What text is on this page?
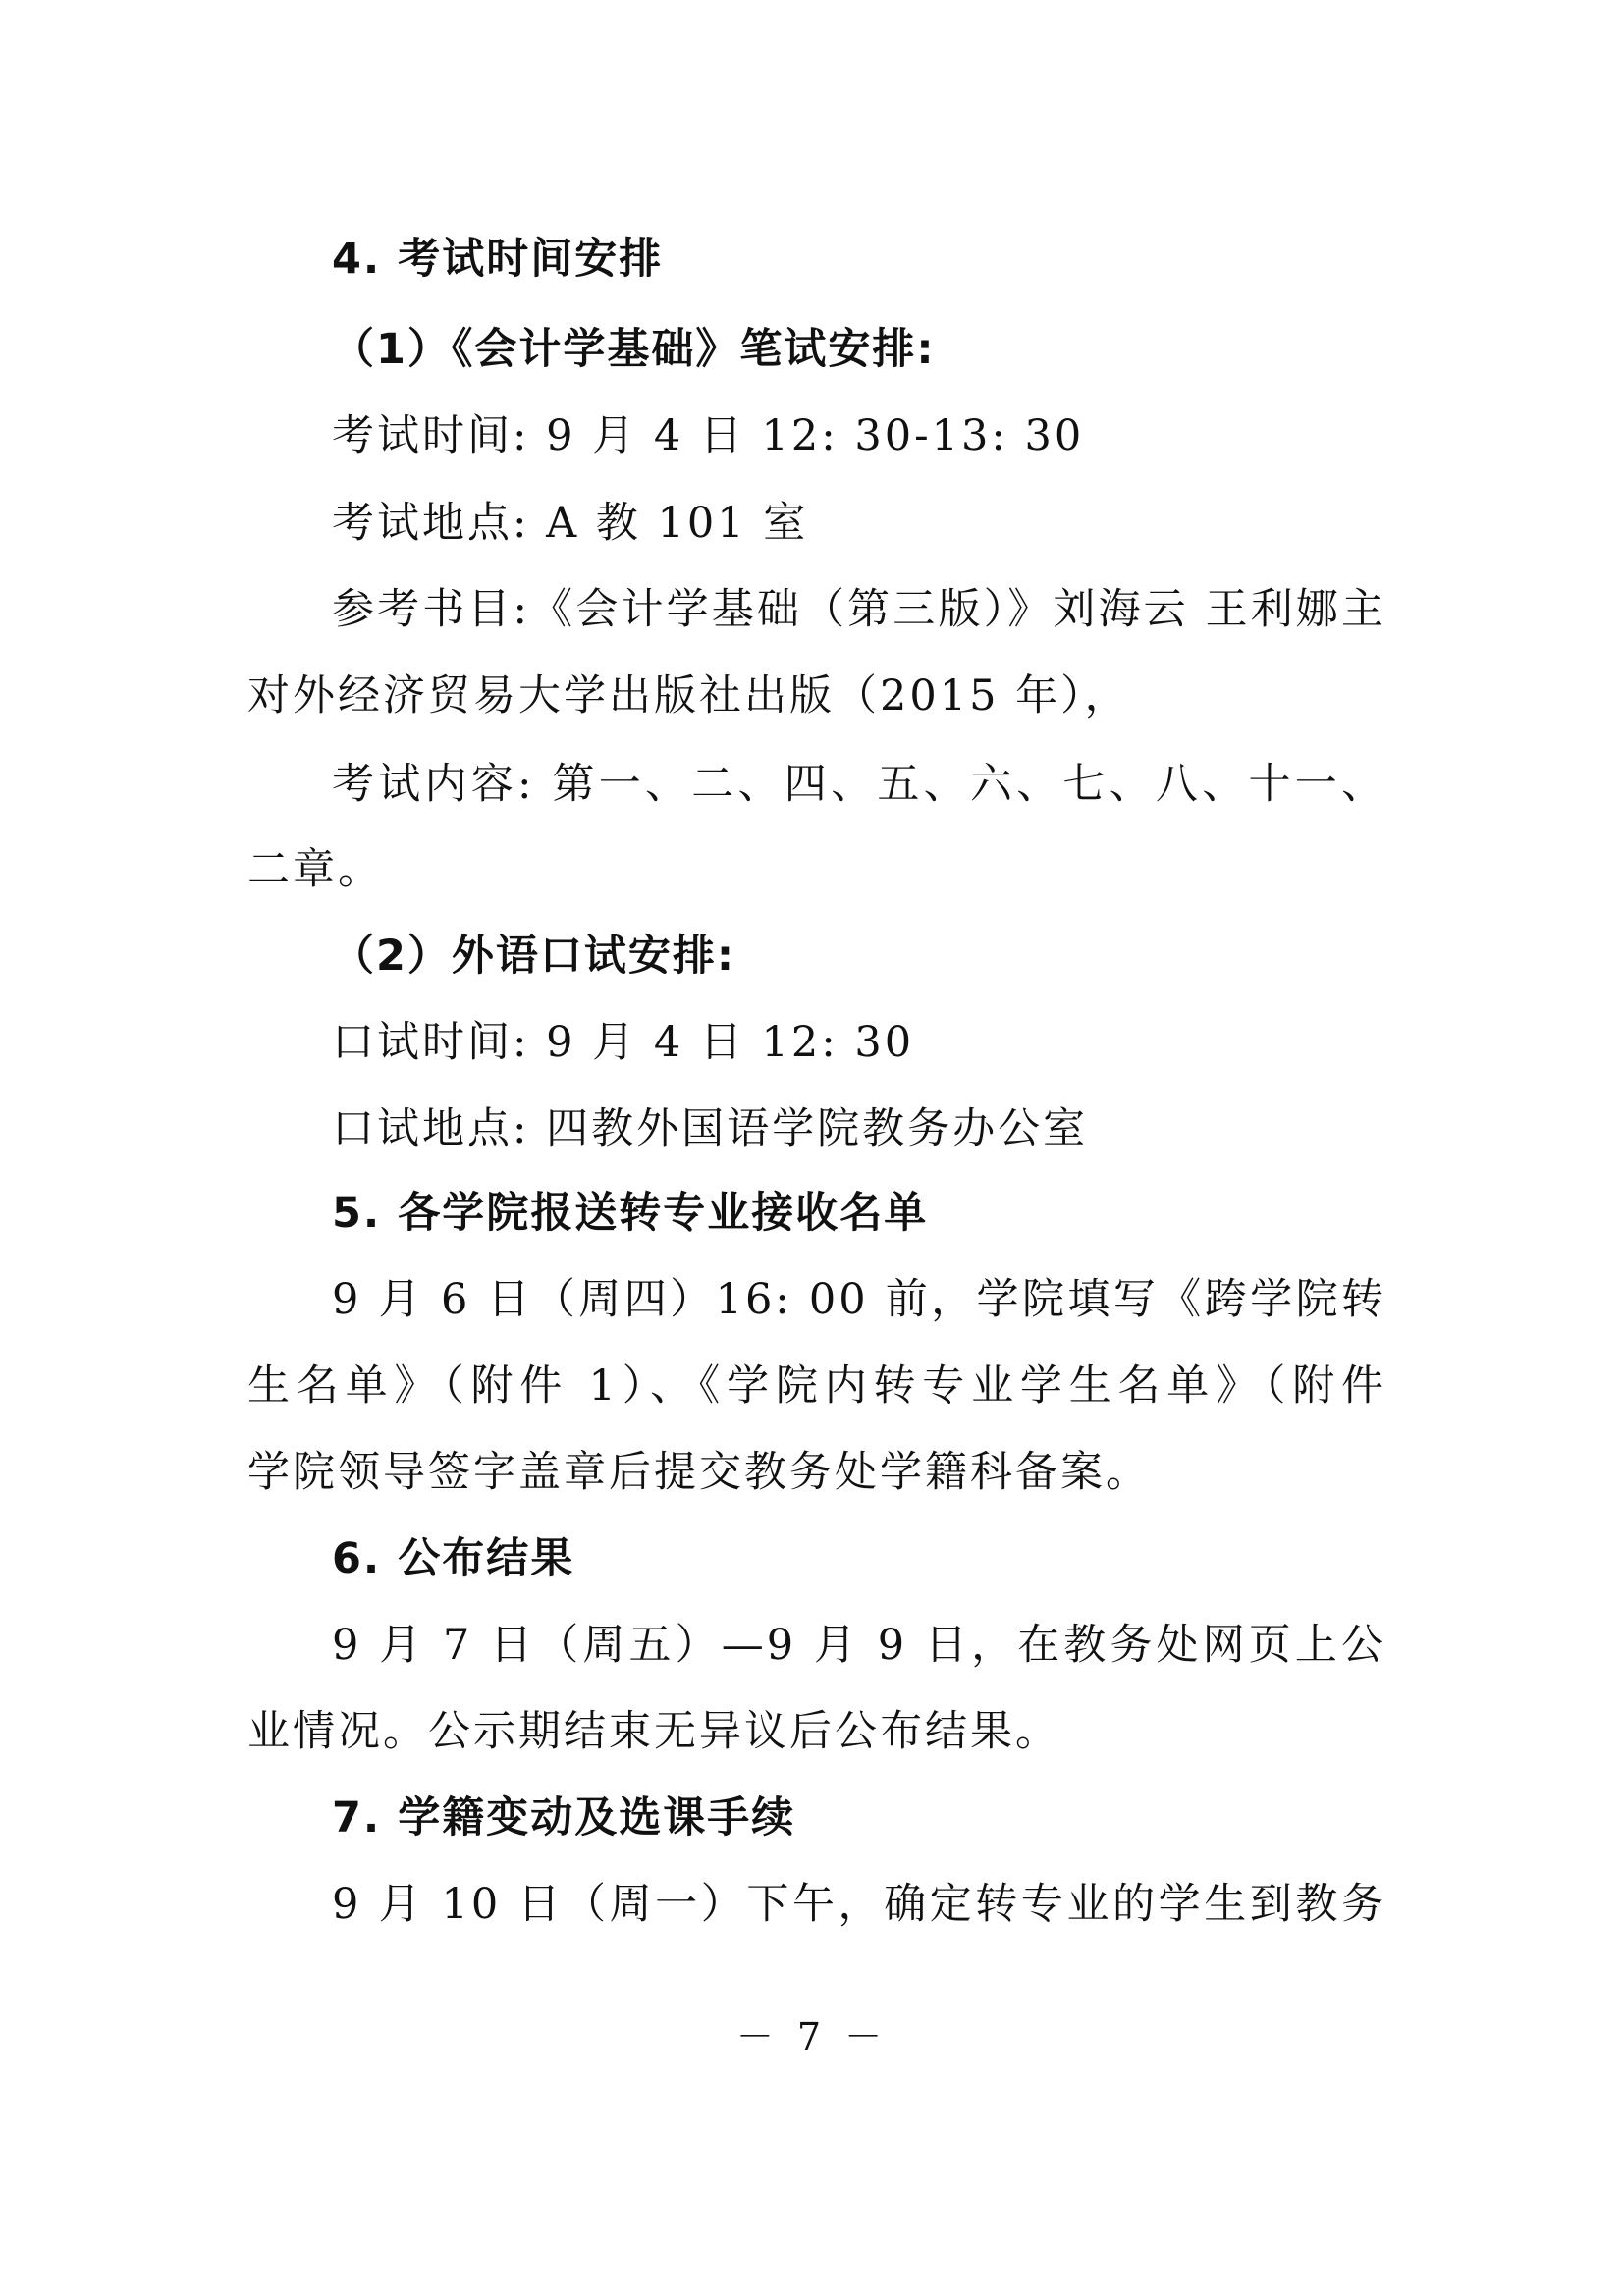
4. 考试时间安排
（1）《会计学基础》笔试安排:
考试时间: 9 月 4 日 12: 30-13: 30
考试地点: A 教 101 室
参考书目:《会计学基础（第三版）》刘海云 王利娜主
对外经济贸易大学出版社出版（2015 年），
考试内容: 第一、二、四、五、六、七、八、十一、
二章。
（2）外语口试安排:
口试时间: 9 月 4 日 12: 30
口试地点: 四教外国语学院教务办公室
5. 各学院报送转专业接收名单
9 月 6 日（周四）16: 00 前，学院填写《跨学院转
生名单》（附件 1）、《学院内转专业学生名单》（附件
学院领导签字盖章后提交教务处学籍科备案。
6. 公布结果
9 月 7 日（周五）—9 月 9 日，在教务处网页上公
业情况。公示期结束无异议后公布结果。
7. 学籍变动及选课手续
9 月 10 日（周一）下午，确定转专业的学生到教务
－ 7 －
